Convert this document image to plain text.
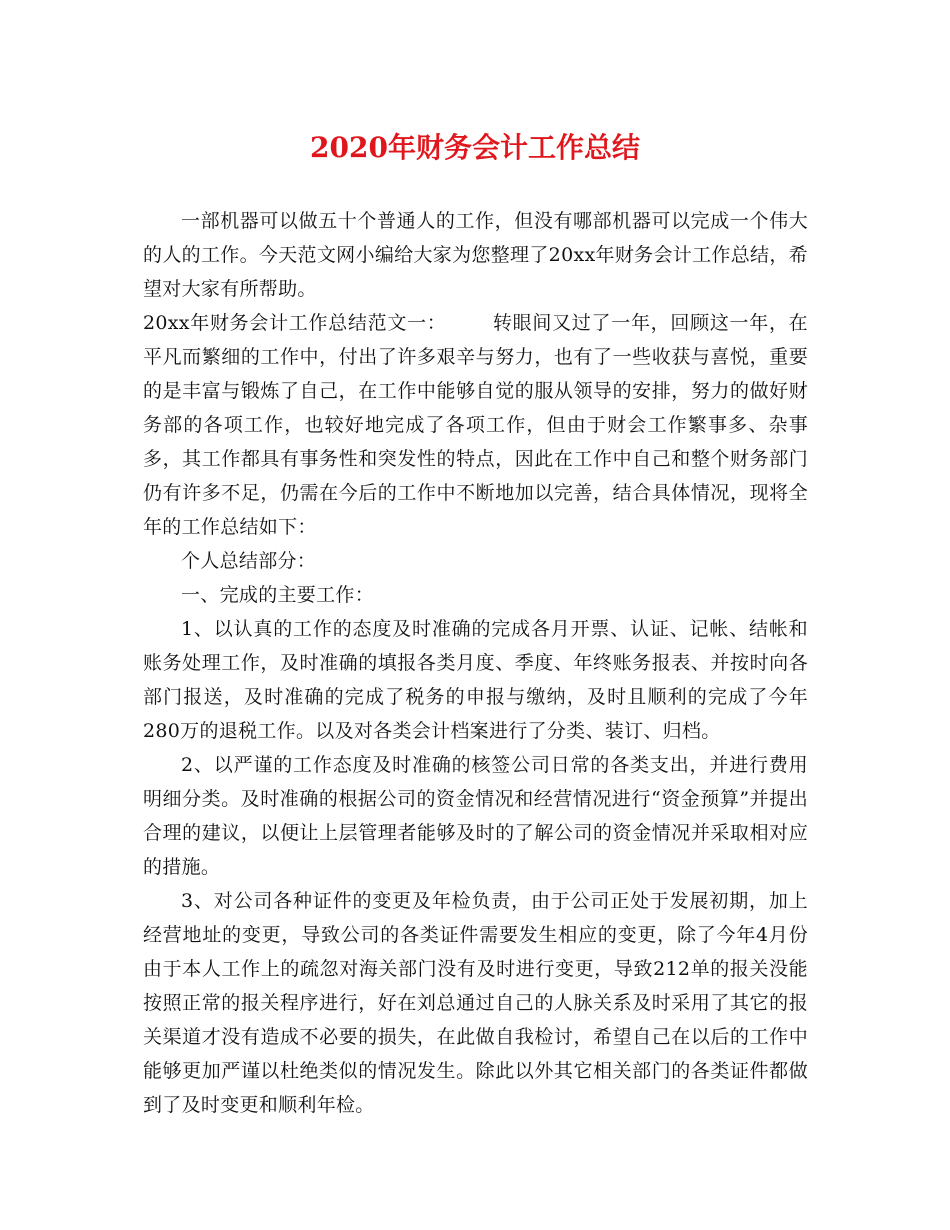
2020年财务会计工作总结

一部机器可以做五十个普通人的工作，但没有哪部机器可以完成一个伟大的人的工作。今天范文网小编给大家为您整理了20xx年财务会计工作总结，希望对大家有所帮助。

20xx年财务会计工作总结范文一： 转眼间又过了一年，回顾这一年，在平凡而繁细的工作中，付出了许多艰辛与努力，也有了一些收获与喜悦，重要的是丰富与锻炼了自己，在工作中能够自觉的服从领导的安排，努力的做好财务部的各项工作，也较好地完成了各项工作，但由于财会工作繁事多、杂事多，其工作都具有事务性和突发性的特点，因此在工作中自己和整个财务部门仍有许多不足，仍需在今后的工作中不断地加以完善，结合具体情况，现将全年的工作总结如下：

个人总结部分：

一、完成的主要工作：

1、以认真的工作的态度及时准确的完成各月开票、认证、记帐、结帐和账务处理工作，及时准确的填报各类月度、季度、年终账务报表、并按时向各部门报送，及时准确的完成了税务的申报与缴纳，及时且顺利的完成了今年280万的退税工作。以及对各类会计档案进行了分类、装订、归档。

2、以严谨的工作态度及时准确的核签公司日常的各类支出，并进行费用明细分类。及时准确的根据公司的资金情况和经营情况进行“资金预算”并提出合理的建议，以便让上层管理者能够及时的了解公司的资金情况并采取相对应的措施。

3、对公司各种证件的变更及年检负责，由于公司正处于发展初期，加上经营地址的变更，导致公司的各类证件需要发生相应的变更，除了今年4月份由于本人工作上的疏忽对海关部门没有及时进行变更，导致212单的报关没能按照正常的报关程序进行，好在刘总通过自己的人脉关系及时采用了其它的报关渠道才没有造成不必要的损失，在此做自我检讨，希望自己在以后的工作中能够更加严谨以杜绝类似的情况发生。除此以外其它相关部门的各类证件都做到了及时变更和顺利年检。
